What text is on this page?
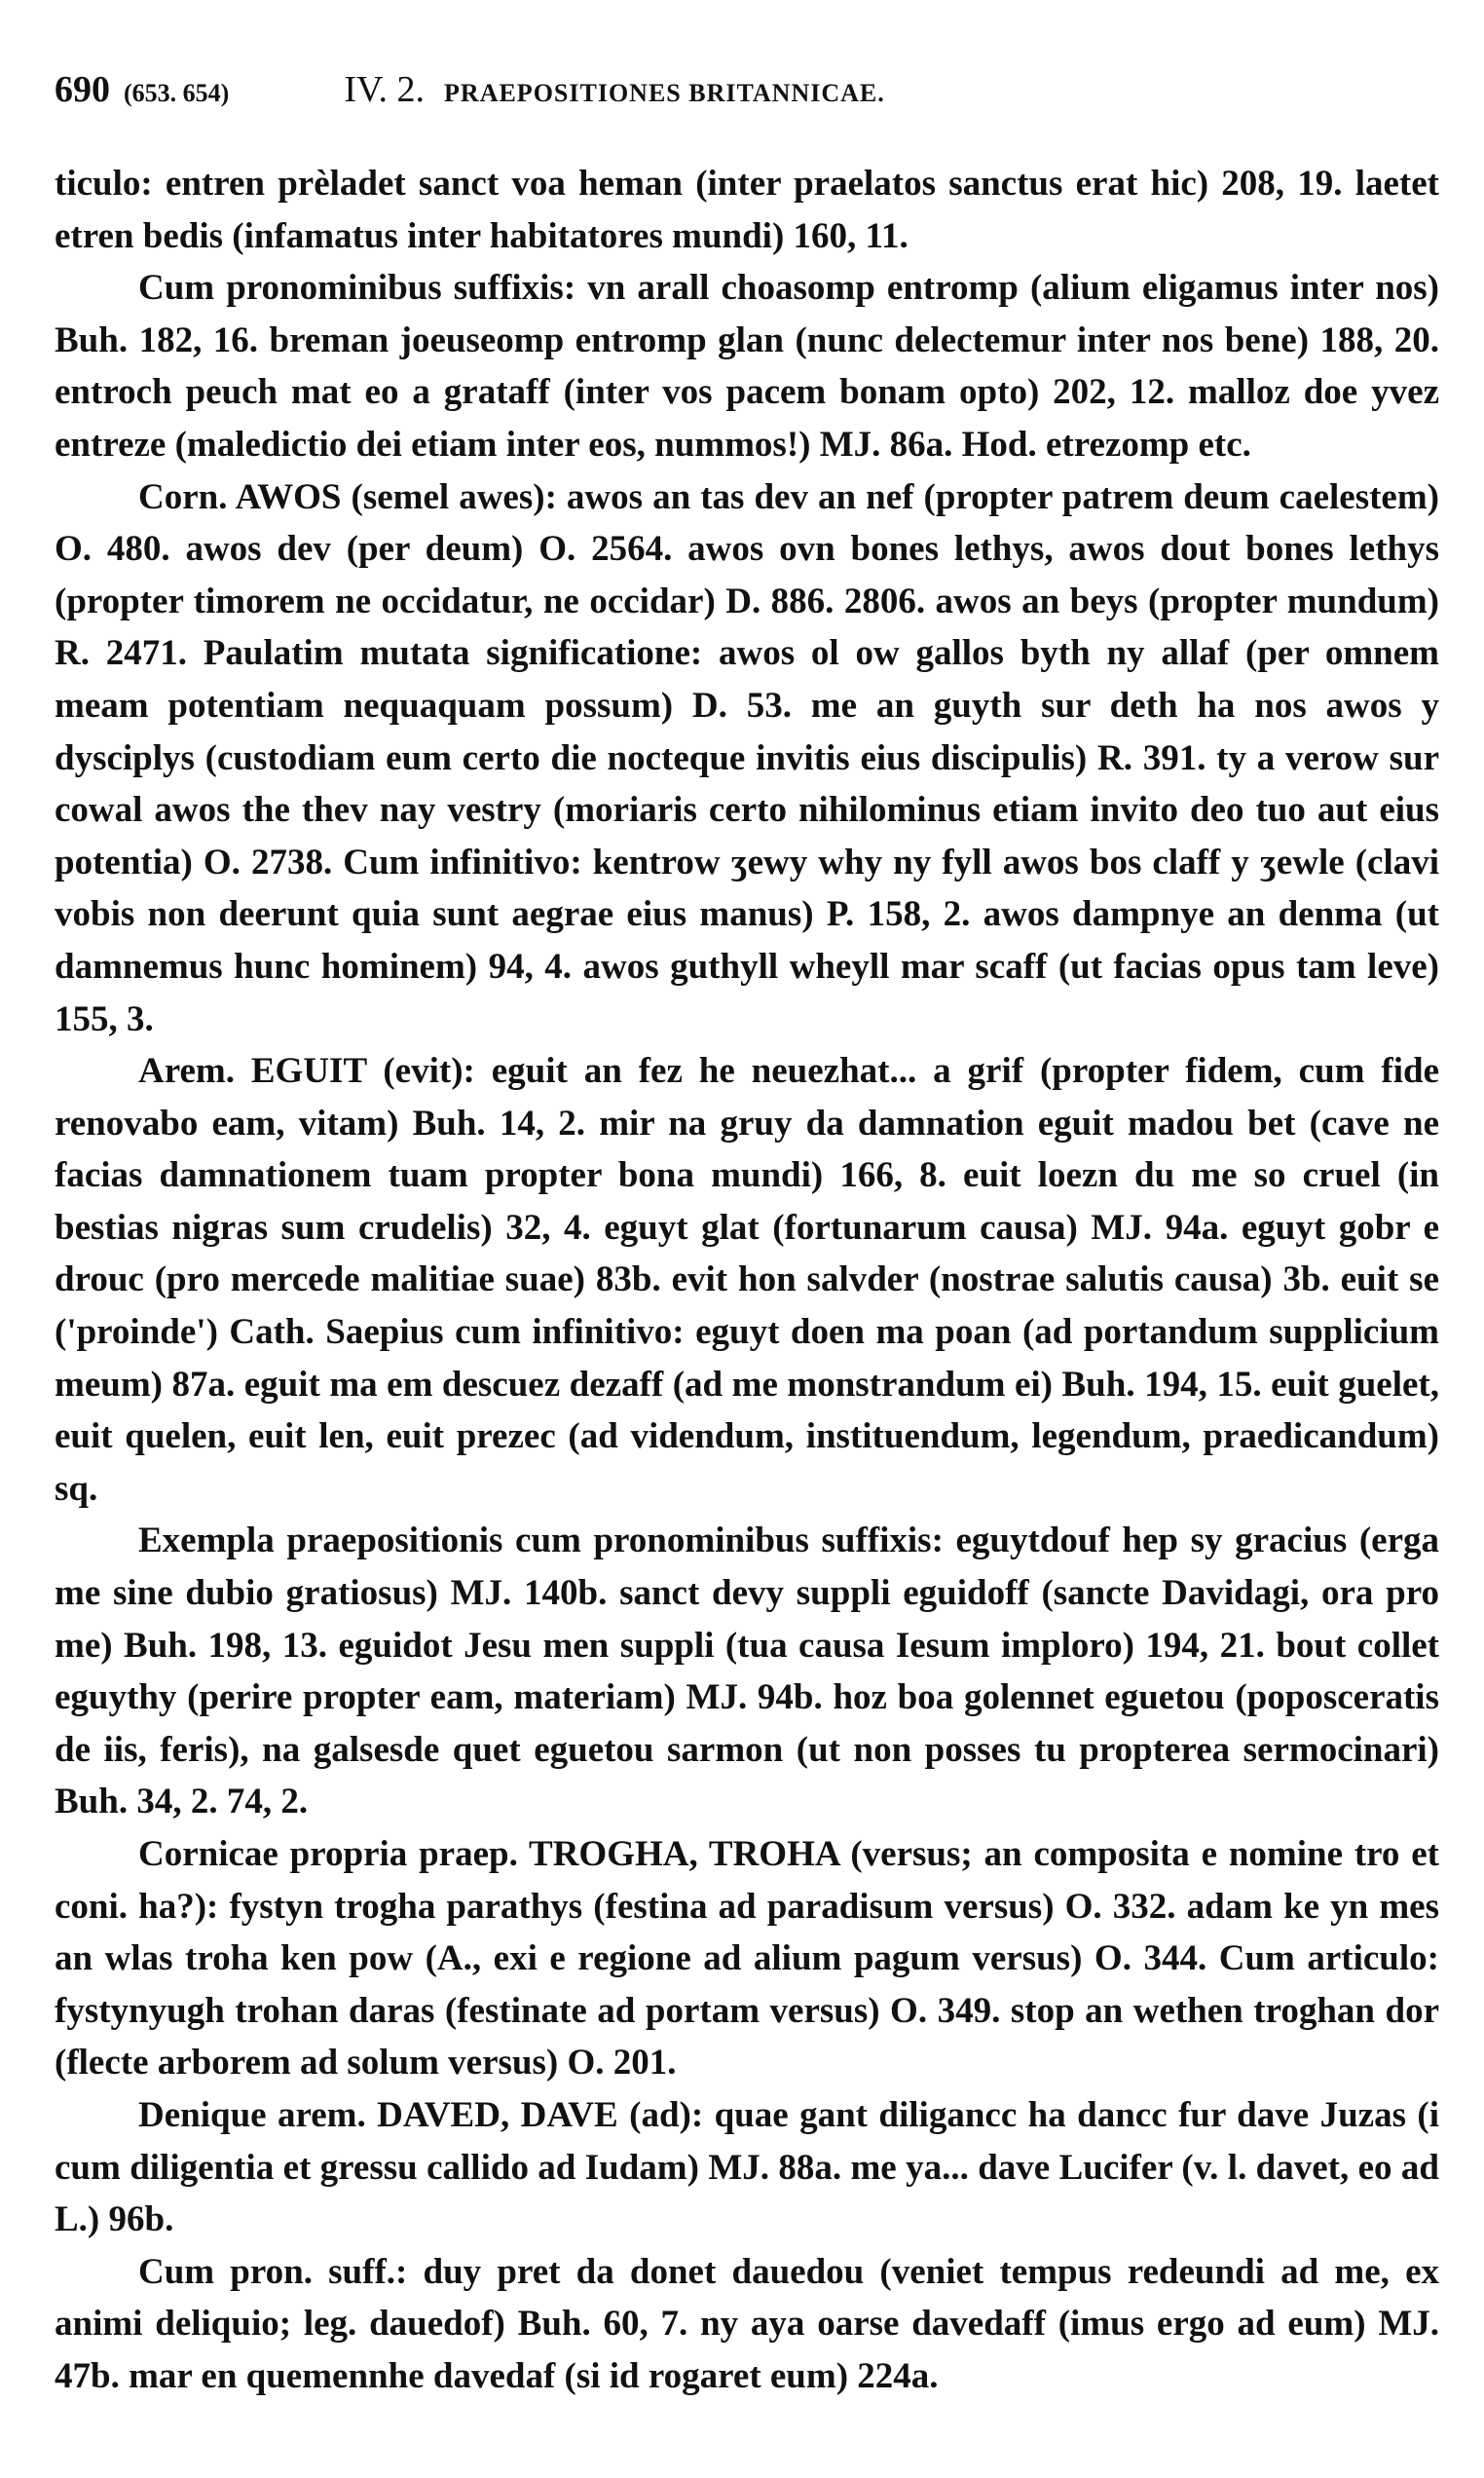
690 (653. 654)	IV. 2. PRAEPOSITIONES BRITANNICAE.

ticulo: entren prèladet sanct voa heman (inter praelatos sanctus erat hic) 208, 19. laetet etren bedis (infamatus inter habitatores mundi) 160, 11.

Cum pronominibus suffixis: vn arall choasomp entromp (alium eligamus inter nos) Buh. 182, 16. breman joeuseomp entromp glan (nunc delectemur inter nos bene) 188, 20. entroch peuch mat eo a grataff (inter vos pacem bonam opto) 202, 12. malloz doe yvez entreze (maledictio dei etiam inter eos, nummos!) MJ. 86a. Hod. etrezomp etc.

Corn. AWOS (semel awes): awos an tas dev an nef (propter patrem deum caelestem) O. 480. awos dev (per deum) O. 2564. awos ovn bones lethys, awos dout bones lethys (propter timorem ne occidatur, ne occidar) D. 886. 2806. awos an beys (propter mundum) R. 2471. Paulatim mutata significatione: awos ol ow gallos byth ny allaf (per omnem meam potentiam nequaquam possum) D. 53. me an guyth sur deth ha nos awos y dysciplys (custodiam eum certo die nocteque invitis eius discipulis) R. 391. ty a verow sur cowal awos the thev nay vestry (moriaris certo nihilominus etiam invito deo tuo aut eius potentia) O. 2738. Cum infinitivo: kentrow ʒewy why ny fyll awos bos claff y ʒewle (clavi vobis non deerunt quia sunt aegrae eius manus) P. 158, 2. awos dampnye an denma (ut damnemus hunc hominem) 94, 4. awos guthyll wheyll mar scaff (ut facias opus tam leve) 155, 3.

Arem. EGUIT (evit): eguit an fez he neuezhat... a grif (propter fidem, cum fide renovabo eam, vitam) Buh. 14, 2. mir na gruy da damnation eguit madou bet (cave ne facias damnationem tuam propter bona mundi) 166, 8. euit loezn du me so cruel (in bestias nigras sum crudelis) 32, 4. eguyt glat (fortunarum causa) MJ. 94a. eguyt gobr e drouc (pro mercede malitiae suae) 83b. evit hon salvder (nostrae salutis causa) 3b. euit se ('proinde') Cath. Saepius cum infinitivo: eguyt doen ma poan (ad portandum supplicium meum) 87a. eguit ma em descuez dezaff (ad me monstrandum ei) Buh. 194, 15. euit guelet, euit quelen, euit len, euit prezec (ad videndum, instituendum, legendum, praedicandum) sq.

Exempla praepositionis cum pronominibus suffixis: eguytdouf hep sy gracius (erga me sine dubio gratiosus) MJ. 140b. sanct devy suppli eguidoff (sancte Davidagi, ora pro me) Buh. 198, 13. eguidot Jesu men suppli (tua causa Iesum imploro) 194, 21. bout collet eguythy (perire propter eam, materiam) MJ. 94b. hoz boa golennet eguetou (poposceratis de iis, feris), na galsesde quet eguetou sarmon (ut non posses tu propterea sermocinari) Buh. 34, 2. 74, 2.

Cornicae propria praep. TROGHA, TROHA (versus; an composita e nomine tro et coni. ha?): fystyn trogha parathys (festina ad paradisum versus) O. 332. adam ke yn mes an wlas troha ken pow (A., exi e regione ad alium pagum versus) O. 344. Cum articulo: fystynyugh trohan daras (festinate ad portam versus) O. 349. stop an wethen troghan dor (flecte arborem ad solum versus) O. 201.

Denique arem. DAVED, DAVE (ad): quae gant diligancc ha dancc fur dave Juzas (i cum diligentia et gressu callido ad Iudam) MJ. 88a. me ya... dave Lucifer (v. l. davet, eo ad L.) 96b.

Cum pron. suff.: duy pret da donet dauedou (veniet tempus redeundi ad me, ex animi deliquio; leg. dauedof) Buh. 60, 7. ny aya oarse davedaff (imus ergo ad eum) MJ. 47b. mar en quemennhe davedaf (si id rogaret eum) 224a.
